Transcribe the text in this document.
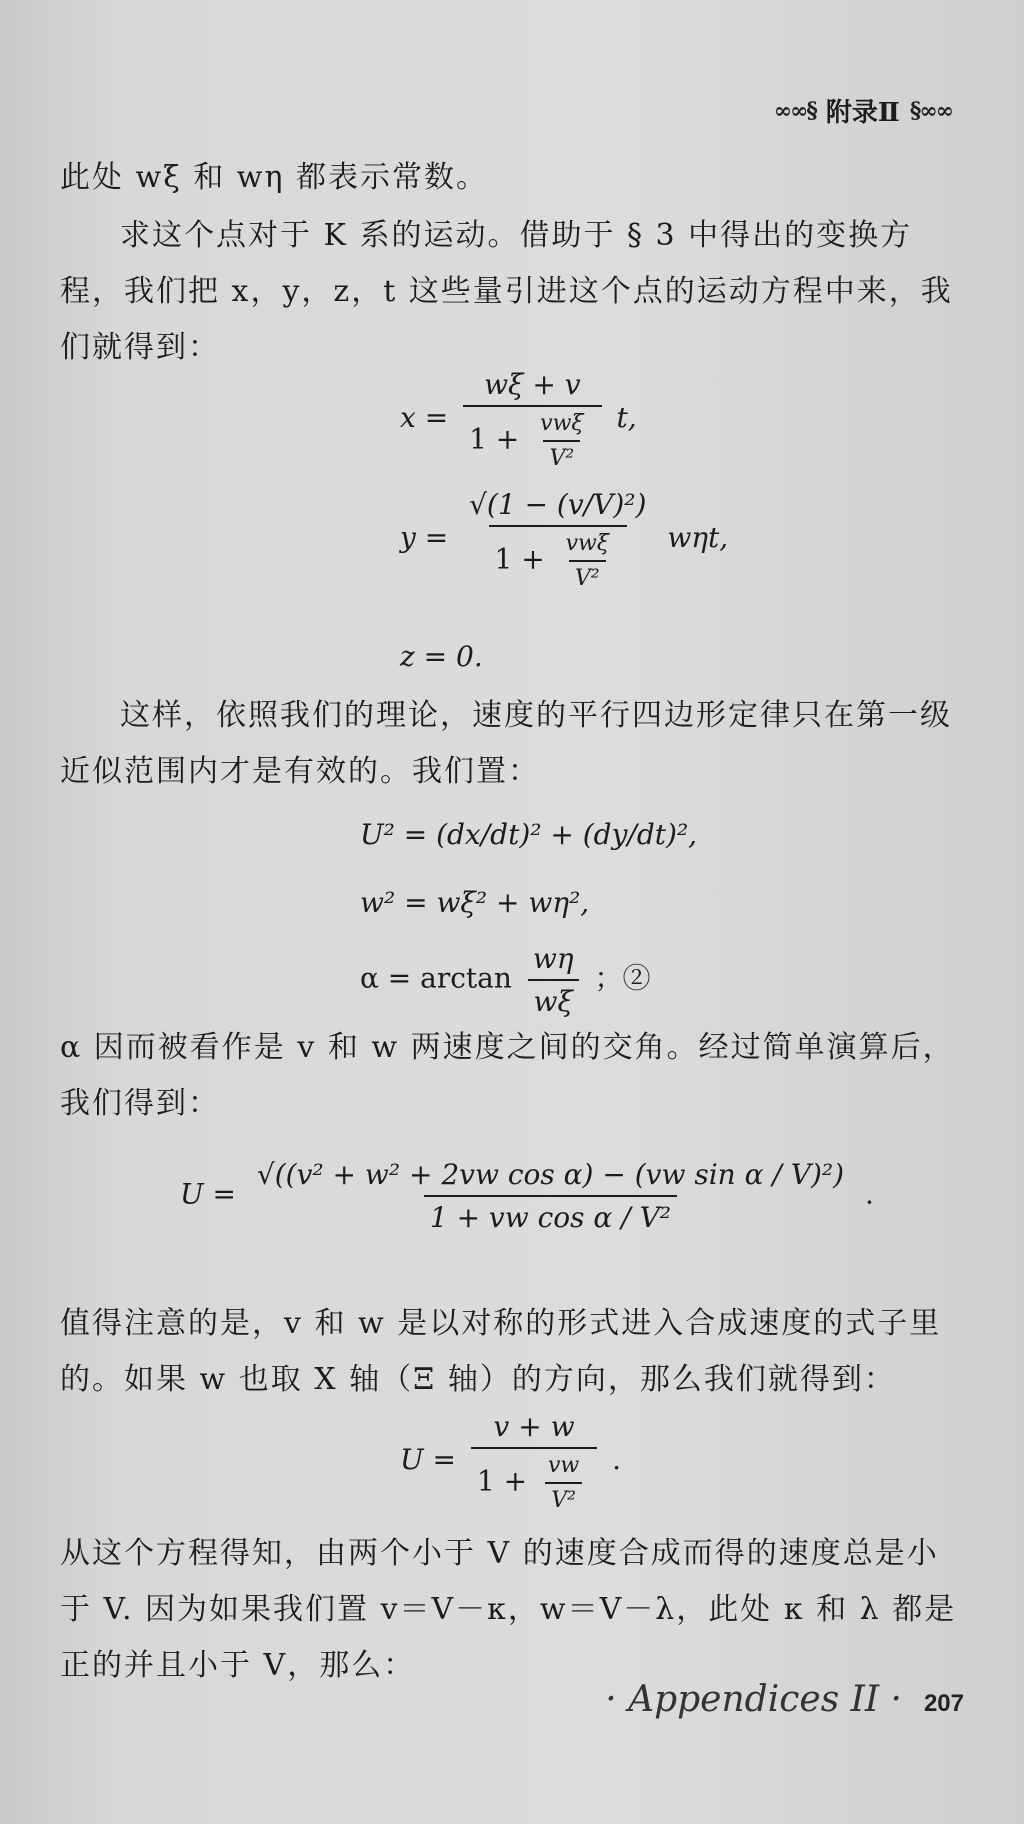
∞∞§ 附录Ⅱ §∞∞
此处 wξ 和 wη 都表示常数。
求这个点对于 K 系的运动。借助于 § 3 中得出的变换方程，我们把 x，y，z，t 这些量引进这个点的运动方程中来，我们就得到：
$x = \frac{w\xi + v}{1 + \frac{\text{vwξ}}{\text{V²}}} t$,
$y = \frac{\text{√(1 − (v/V)²)}}{1 + \frac{\text{vwξ}}{\text{V²}}} w\eta t$,
z = 0.
这样，依照我们的理论，速度的平行四边形定律只在第一级近似范围内才是有效的。我们置：
U² = (dx/dt)² + (dy/dt)²,
w² = wξ² + wη²,
$\alpha = \arctan \frac{w\eta}{w\xi}$ ；②
α 因而被看作是 v 和 w 两速度之间的交角。经过简单演算后，我们得到：
$U = \frac{\text{√((v² + w² + 2vw cos α) − (vw sin α / V)²)}}{\text{1 + vw cos α / V²}}$ .
值得注意的是，v 和 w 是以对称的形式进入合成速度的式子里的。如果 w 也取 X 轴（Ξ 轴）的方向，那么我们就得到：
$U = \frac{v + w}{1 + \frac{vw}{\text{V²}}}$ .
从这个方程得知，由两个小于 V 的速度合成而得的速度总是小于 V. 因为如果我们置 v＝V－κ，w＝V－λ，此处 κ 和 λ 都是正的并且小于 V，那么：
· Appendices II · 207
